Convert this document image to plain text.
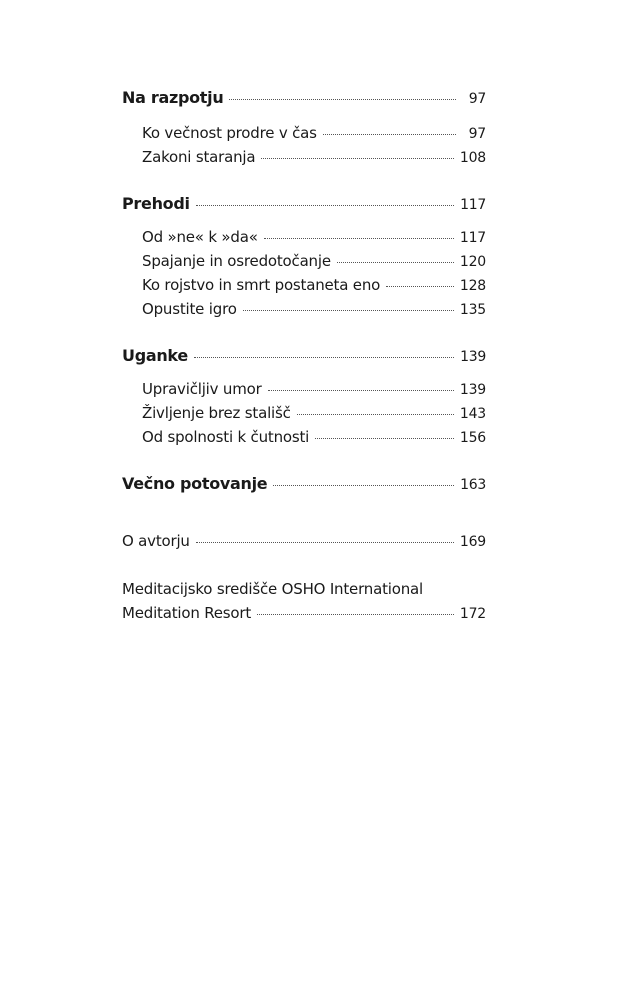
Na razpotju	97
Ko večnost prodre v čas	97
Zakoni staranja	108
Prehodi	117
Od »ne« k »da«	117
Spajanje in osredotočanje	120
Ko rojstvo in smrt postaneta eno	128
Opustite igro	135
Uganke	139
Upravičljiv umor	139
Življenje brez stališč	143
Od spolnosti k čutnosti	156
Večno potovanje	163
O avtorju	169
Meditacijsko središče OSHO International
Meditation Resort	172
